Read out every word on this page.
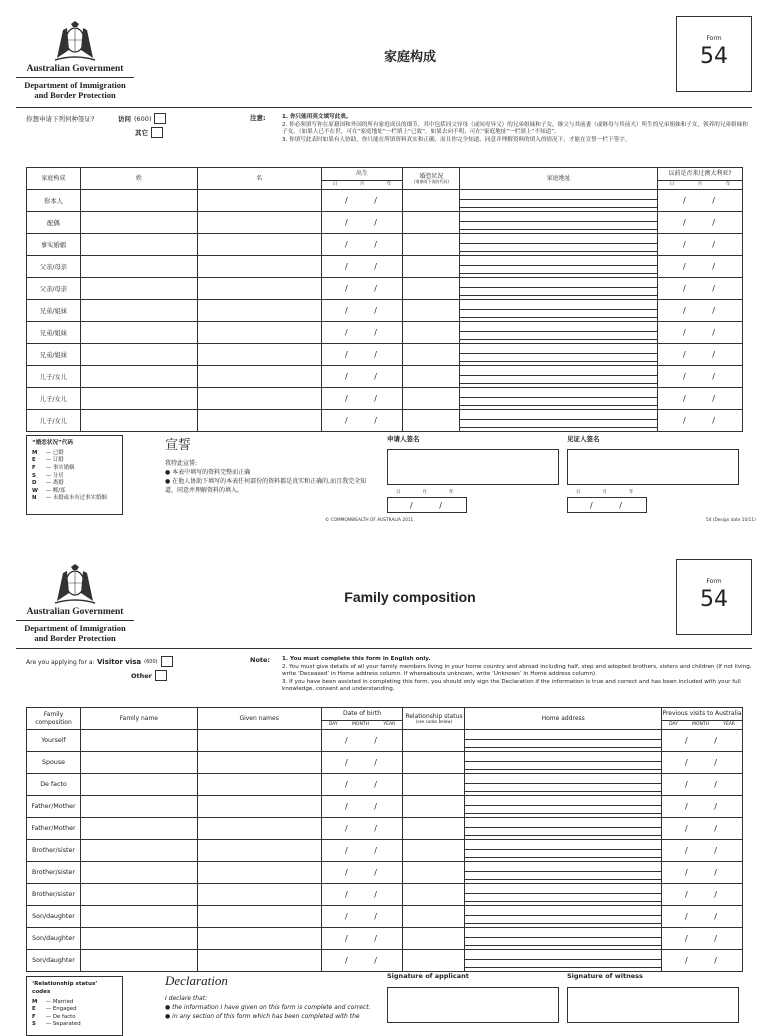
Australian Government
Department of Immigration
and Border Protection
家庭构成
Form
54
你想申请下列何种签证?	访问 (600)
其它
注意:	1. 你只能用英文填写此表。
2. 你必须填写你在原籍国和外国的所有家庭成员的细节，其中包括同父异母（或同母异父）的兄弟姐妹和子女，继父与其前妻（或继母与其前夫）所生的兄弟姐妹和子女，领养的兄弟姐妹和子女。（如果人已不在世，可在“家庭地址”一栏填上“已故”。如果去向不明，可在“家庭地址”一栏填上“不知道”。
3. 你填写此表时如果有人协助，你只能在所填资料真实和正确，而且你完全知道、同意并理解资料的填入的情况下，才能在宣誓一栏下签字。
家庭构成	姓	名	出生
日 月 年	婚恋状况
(请参阅下表的代码)	家庭地址	以前是否来过澳大利亚?
日 月 年

你本人			/ /			/ /
配偶			/ /			/ /
事实婚姻			/ /			/ /
父亲/母亲			/ /			/ /
父亲/母亲			/ /			/ /
兄弟/姐妹			/ /			/ /
兄弟/姐妹			/ /			/ /
兄弟/姐妹			/ /			/ /
儿子/女儿			/ /			/ /
儿子/女儿			/ /			/ /
儿子/女儿			/ /			/ /
“婚恋状况”代码
M — 已婚
E — 订婚
F — 事实婚姻
S — 分居
D — 离婚
W — 鳏/寡
N — 未婚或未有过事实婚姻
宣誓
我特此宣誓:
● 本表中填写的资料完整而正确
● 在他人协助下填写的本表任何部份的资料都是真实和正确的,而且我完全知道、同意并理解资料的填入。
申请人签名
日	月	年
/ /
见证人签名
日	月	年
/ /
© COMMONWEALTH OF AUSTRALIA 2011	54 (Design date 10/11)
Australian Government
Department of Immigration
and Border Protection
Family composition
Form
54
Are you applying for a: Visitor visa (600)
Other
Note: 1. You must complete this form in English only.
2. You must give details of all your family members living in your home country and abroad including half, step and adopted brothers, sisters and children (If not living, write ‘Deceased’ in Home address column. If whereabouts unknown, write ‘Unknown’ in Home address column).
3. If you have been assisted in completing this form, you should only sign the Declaration if the information is true and correct and has been included with your full knowledge, consent and understanding.
Family composition	Family name	Given names	Date of birth
DAY MONTH YEAR	Relationship status
(see codes below)	Home address	Previous visits to Australia
DAY MONTH YEAR

Yourself			/ /			/ /
Spouse			/ /			/ /
De facto			/ /			/ /
Father/Mother			/ /			/ /
Father/Mother			/ /			/ /
Brother/sister			/ /			/ /
Brother/sister			/ /			/ /
Brother/sister			/ /			/ /
Son/daughter			/ /			/ /
Son/daughter			/ /			/ /
Son/daughter			/ /			/ /
‘Relationship status’ codes
M — Married
E — Engaged
F — De facto
S — Separated
Declaration
I declare that:
● the information I have given on this form is complete and correct.
● in any section of this form which has been completed with the
Signature of applicant	Signature of witness
